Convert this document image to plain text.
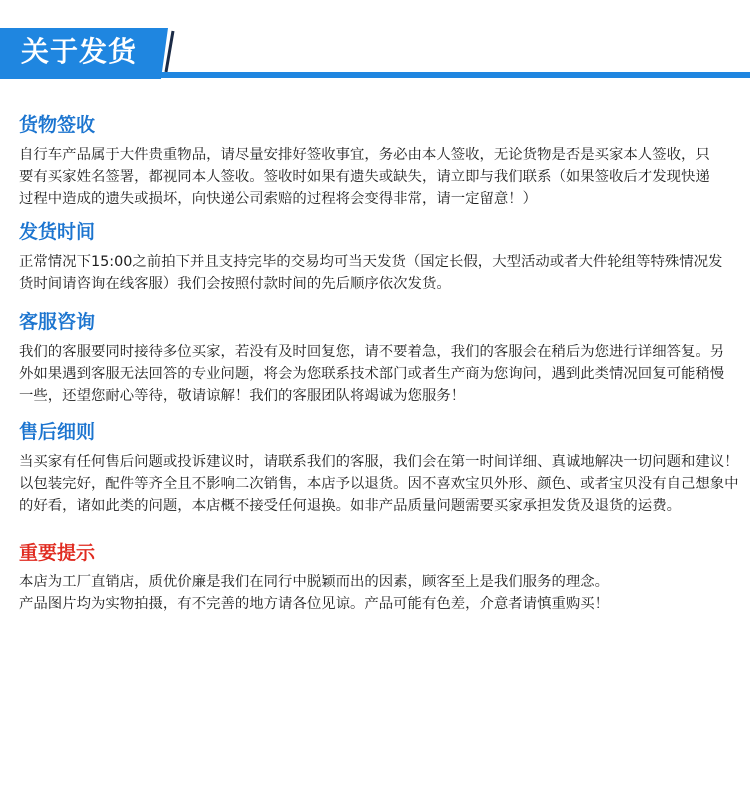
关于发货
货物签收
自行车产品属于大件贵重物品，请尽量安排好签收事宜，务必由本人签收，无论货物是否是买家本人签收，只
要有买家姓名签署，都视同本人签收。签收时如果有遗失或缺失，请立即与我们联系（如果签收后才发现快递
过程中造成的遗失或损坏，向快递公司索赔的过程将会变得非常，请一定留意！）
发货时间
正常情况下15:00之前拍下并且支持完毕的交易均可当天发货（国定长假，大型活动或者大件轮组等特殊情况发
货时间请咨询在线客服）我们会按照付款时间的先后顺序依次发货。
客服咨询
我们的客服要同时接待多位买家，若没有及时回复您，请不要着急，我们的客服会在稍后为您进行详细答复。另
外如果遇到客服无法回答的专业问题，将会为您联系技术部门或者生产商为您询问，遇到此类情况回复可能稍慢
一些，还望您耐心等待，敬请谅解！我们的客服团队将竭诚为您服务！
售后细则
当买家有任何售后问题或投诉建议时，请联系我们的客服，我们会在第一时间详细、真诚地解决一切问题和建议！
以包装完好，配件等齐全且不影响二次销售，本店予以退货。因不喜欢宝贝外形、颜色、或者宝贝没有自己想象中
的好看，诸如此类的问题，本店概不接受任何退换。如非产品质量问题需要买家承担发货及退货的运费。
重要提示
本店为工厂直销店，质优价廉是我们在同行中脱颖而出的因素，顾客至上是我们服务的理念。
产品图片均为实物拍摄，有不完善的地方请各位见谅。产品可能有色差，介意者请慎重购买！
